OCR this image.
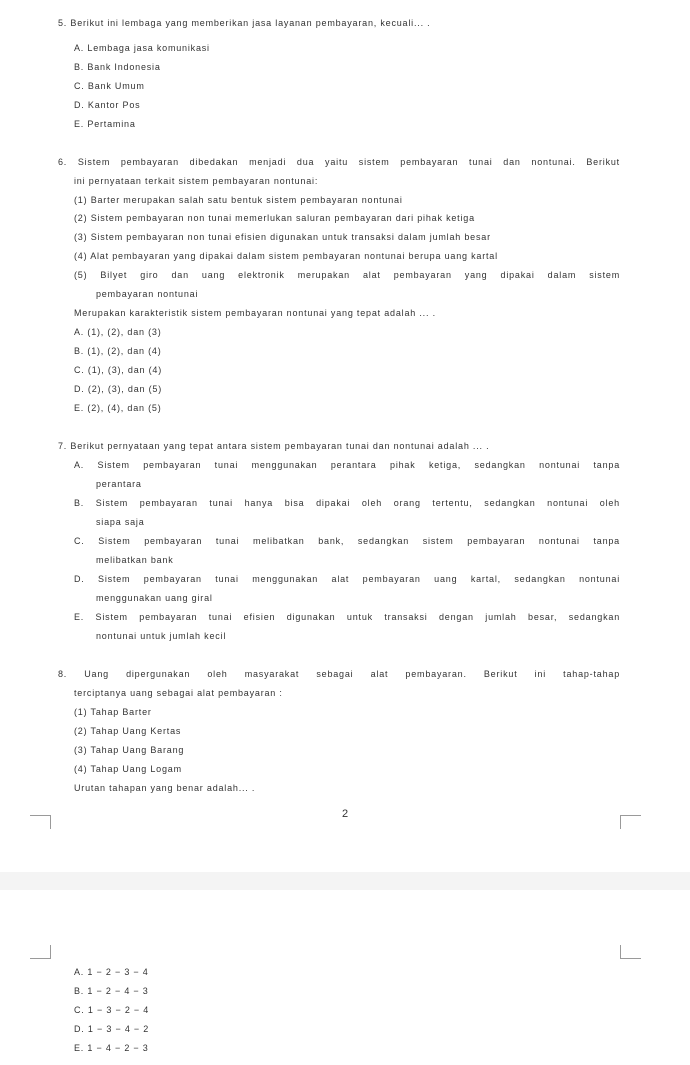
5. Berikut ini lembaga yang memberikan jasa layanan pembayaran, kecuali... .
A. Lembaga jasa komunikasi
B. Bank Indonesia
C. Bank Umum
D. Kantor Pos
E. Pertamina
6. Sistem pembayaran dibedakan menjadi dua yaitu sistem pembayaran tunai dan nontunai. Berikut
ini pernyataan terkait sistem pembayaran nontunai:
(1) Barter merupakan salah satu bentuk sistem pembayaran nontunai
(2) Sistem pembayaran non tunai memerlukan saluran pembayaran dari pihak ketiga
(3) Sistem pembayaran non tunai efisien digunakan untuk transaksi dalam jumlah besar
(4) Alat pembayaran yang dipakai dalam sistem pembayaran nontunai berupa uang kartal
(5) Bilyet giro dan uang elektronik merupakan alat pembayaran yang dipakai dalam sistem
pembayaran nontunai
Merupakan karakteristik sistem pembayaran nontunai yang tepat adalah ... .
A. (1), (2), dan (3)
B. (1), (2), dan (4)
C. (1), (3), dan (4)
D. (2), (3), dan (5)
E. (2), (4), dan (5)
7. Berikut pernyataan yang tepat antara sistem pembayaran tunai dan nontunai adalah ... .
A. Sistem pembayaran tunai menggunakan perantara pihak ketiga, sedangkan nontunai tanpa
perantara
B. Sistem pembayaran tunai hanya bisa dipakai oleh orang tertentu, sedangkan nontunai oleh
siapa saja
C. Sistem pembayaran tunai melibatkan bank, sedangkan sistem pembayaran nontunai tanpa
melibatkan bank
D. Sistem pembayaran tunai menggunakan alat pembayaran uang kartal, sedangkan nontunai
menggunakan uang giral
E. Sistem pembayaran tunai efisien digunakan untuk transaksi dengan jumlah besar, sedangkan
nontunai untuk jumlah kecil
8. Uang dipergunakan oleh masyarakat sebagai alat pembayaran. Berikut ini tahap-tahap
terciptanya uang sebagai alat pembayaran :
(1) Tahap Barter
(2) Tahap Uang Kertas
(3) Tahap Uang Barang
(4) Tahap Uang Logam
Urutan tahapan yang benar adalah... .
2
A. 1 − 2 − 3 − 4
B. 1 − 2 − 4 − 3
C. 1 − 3 − 2 − 4
D. 1 − 3 − 4 − 2
E. 1 − 4 − 2 − 3
